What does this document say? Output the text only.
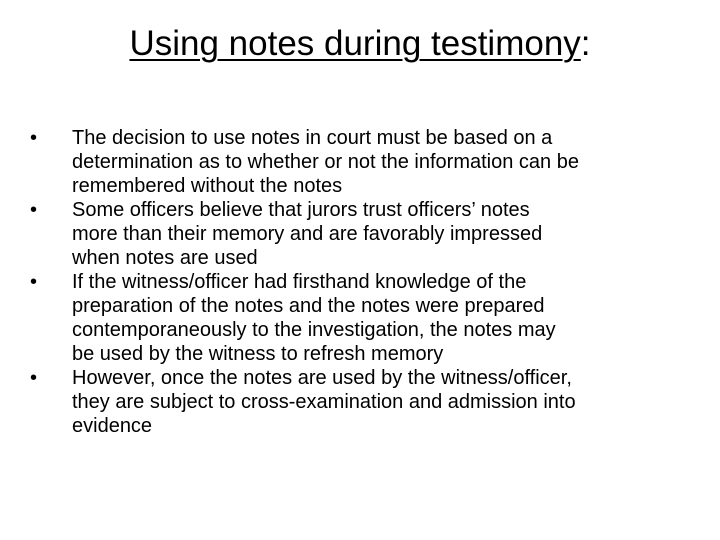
Using notes during testimony:
•	The decision to use notes in court must be based on a
determination as to whether or not the information can be
remembered without the notes
•	Some officers believe that jurors trust officers’ notes
more than their memory and are favorably impressed
when notes are used
•	If the witness/officer had firsthand knowledge of the
preparation of the notes and the notes were prepared
contemporaneously to the investigation, the notes may
be used by the witness to refresh memory
•	However, once the notes are used by the witness/officer,
they are subject to cross-examination and admission into
evidence
